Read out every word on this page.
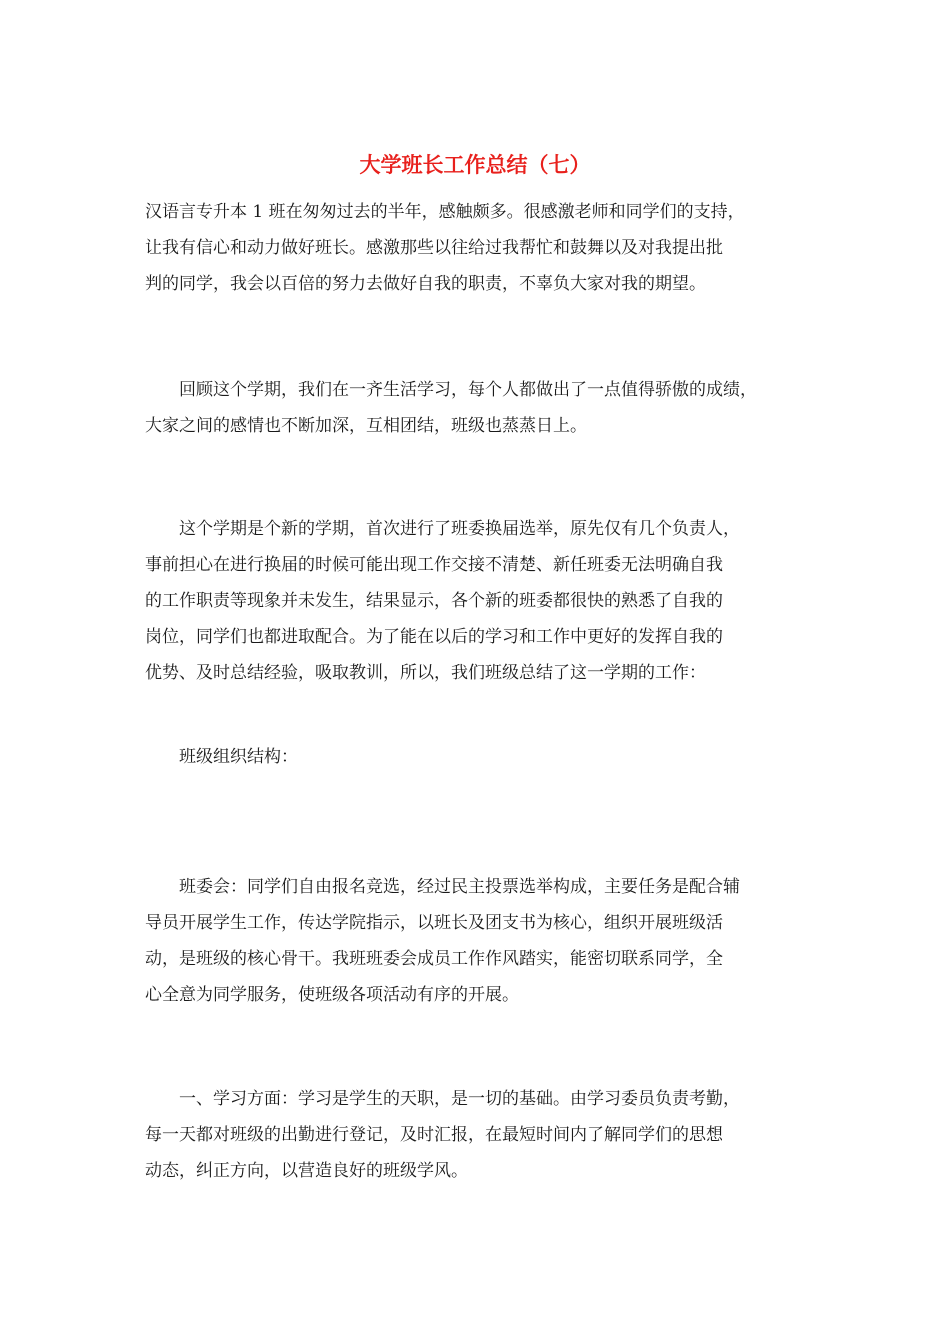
大学班长工作总结（七）
汉语言专升本 1 班在匆匆过去的半年，感触颇多。很感激老师和同学们的支持，
让我有信心和动力做好班长。感激那些以往给过我帮忙和鼓舞以及对我提出批
判的同学，我会以百倍的努力去做好自我的职责，不辜负大家对我的期望。
　　回顾这个学期，我们在一齐生活学习，每个人都做出了一点值得骄傲的成绩，
大家之间的感情也不断加深，互相团结，班级也蒸蒸日上。
　　这个学期是个新的学期，首次进行了班委换届选举，原先仅有几个负责人，
事前担心在进行换届的时候可能出现工作交接不清楚、新任班委无法明确自我
的工作职责等现象并未发生，结果显示，各个新的班委都很快的熟悉了自我的
岗位，同学们也都进取配合。为了能在以后的学习和工作中更好的发挥自我的
优势、及时总结经验，吸取教训，所以，我们班级总结了这一学期的工作：
　　班级组织结构：
　　班委会：同学们自由报名竞选，经过民主投票选举构成，主要任务是配合辅
导员开展学生工作，传达学院指示，以班长及团支书为核心，组织开展班级活
动，是班级的核心骨干。我班班委会成员工作作风踏实，能密切联系同学，全
心全意为同学服务，使班级各项活动有序的开展。
　　一、学习方面：学习是学生的天职，是一切的基础。由学习委员负责考勤，
每一天都对班级的出勤进行登记，及时汇报，在最短时间内了解同学们的思想
动态，纠正方向，以营造良好的班级学风。
